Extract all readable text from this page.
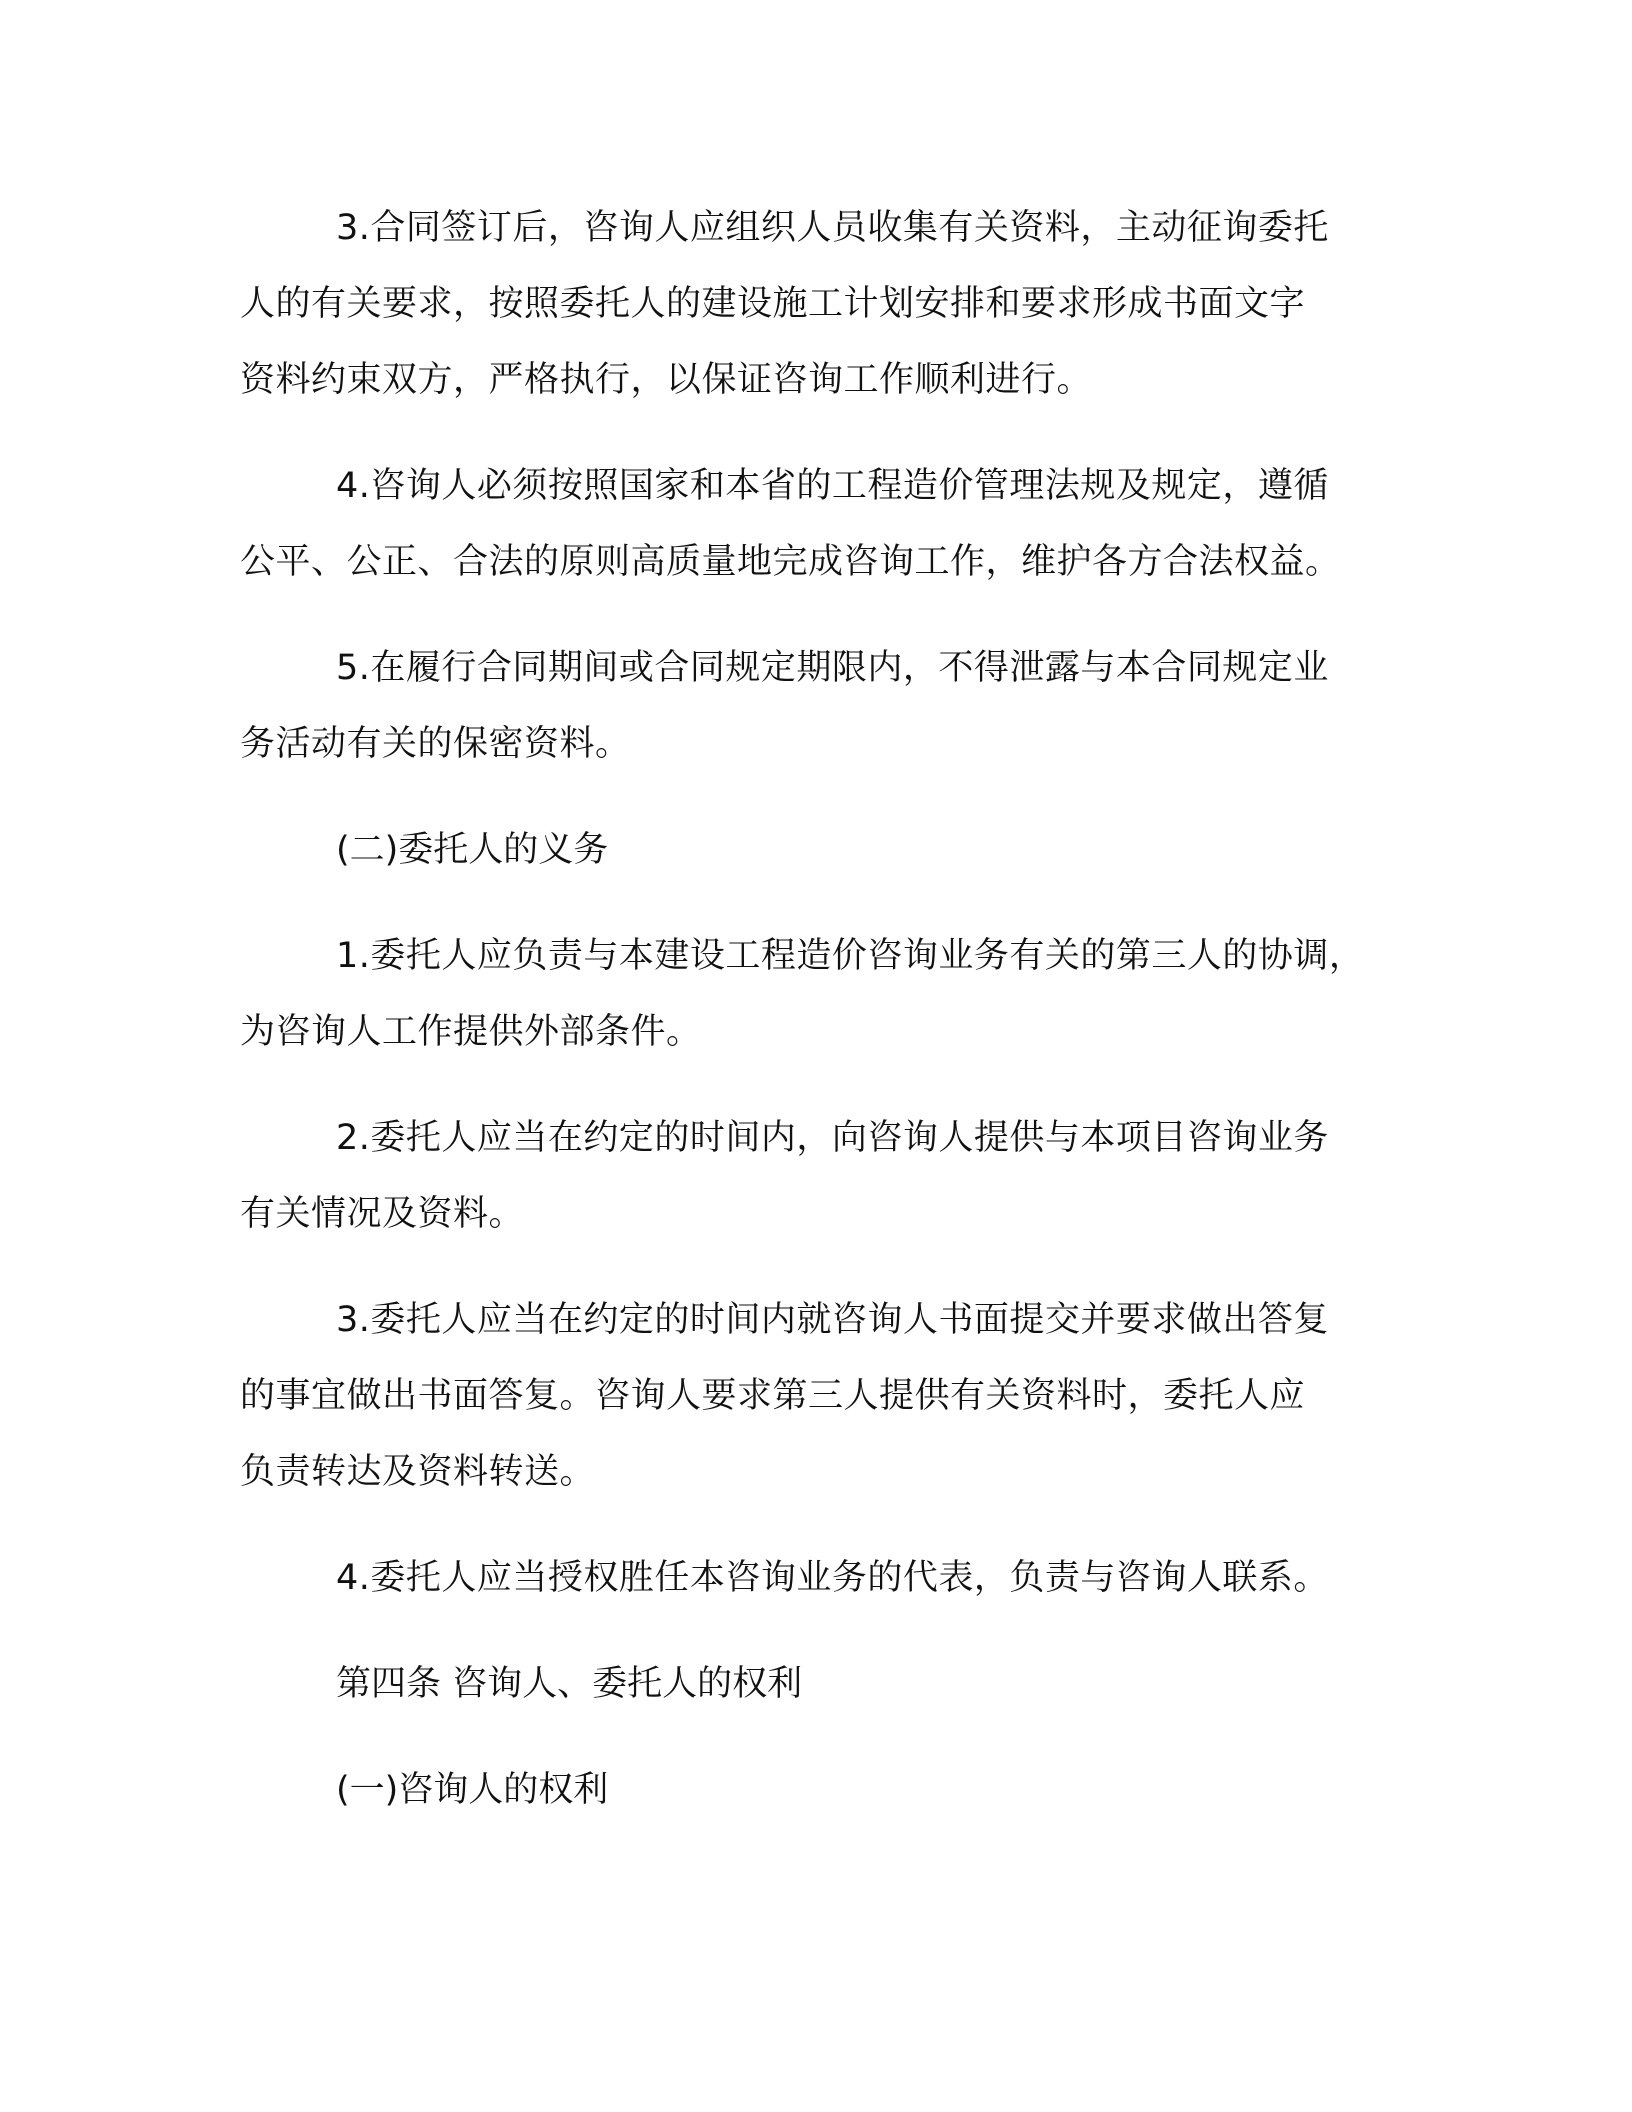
3.合同签订后，咨询人应组织人员收集有关资料，主动征询委托
人的有关要求，按照委托人的建设施工计划安排和要求形成书面文字
资料约束双方，严格执行，以保证咨询工作顺利进行。

4.咨询人必须按照国家和本省的工程造价管理法规及规定，遵循
公平、公正、合法的原则高质量地完成咨询工作，维护各方合法权益。

5.在履行合同期间或合同规定期限内，不得泄露与本合同规定业
务活动有关的保密资料。

(二)委托人的义务

1.委托人应负责与本建设工程造价咨询业务有关的第三人的协调，
为咨询人工作提供外部条件。

2.委托人应当在约定的时间内，向咨询人提供与本项目咨询业务
有关情况及资料。

3.委托人应当在约定的时间内就咨询人书面提交并要求做出答复
的事宜做出书面答复。咨询人要求第三人提供有关资料时，委托人应
负责转达及资料转送。

4.委托人应当授权胜任本咨询业务的代表，负责与咨询人联系。

第四条 咨询人、委托人的权利

(一)咨询人的权利
